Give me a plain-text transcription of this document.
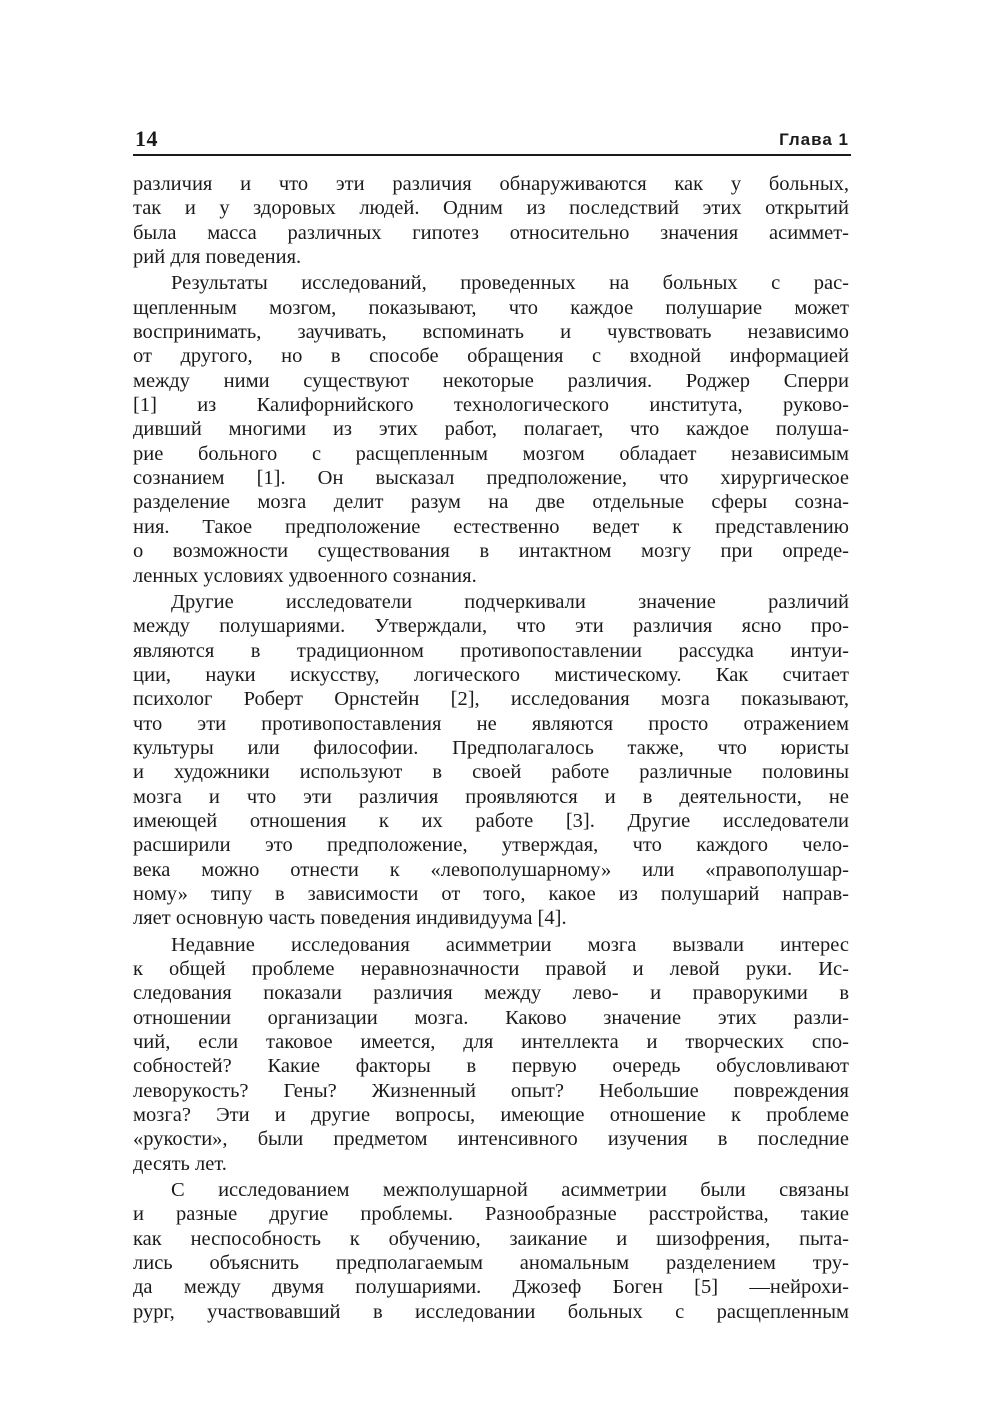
14	Глава 1
различия и что эти различия обнаруживаются как у больных,
так и у здоровых людей. Одним из последствий этих открытий
была масса различных гипотез относительно значения асиммет-
рий для поведения.
Результаты исследований, проведенных на больных с рас-
щепленным мозгом, показывают, что каждое полушарие может
воспринимать, заучивать, вспоминать и чувствовать независимо
от другого, но в способе обращения с входной информацией
между ними существуют некоторые различия. Роджер Сперри
[1] из Калифорнийского технологического института, руково-
дивший многими из этих работ, полагает, что каждое полуша-
рие больного с расщепленным мозгом обладает независимым
сознанием [1]. Он высказал предположение, что хирургическое
разделение мозга делит разум на две отдельные сферы созна-
ния. Такое предположение естественно ведет к представлению
о возможности существования в интактном мозгу при опреде-
ленных условиях удвоенного сознания.
Другие исследователи подчеркивали значение различий
между полушариями. Утверждали, что эти различия ясно про-
являются в традиционном противопоставлении рассудка интуи-
ции, науки искусству, логического мистическому. Как считает
психолог Роберт Орнстейн [2], исследования мозга показывают,
что эти противопоставления не являются просто отражением
культуры или философии. Предполагалось также, что юристы
и художники используют в своей работе различные половины
мозга и что эти различия проявляются и в деятельности, не
имеющей отношения к их работе [3]. Другие исследователи
расширили это предположение, утверждая, что каждого чело-
века можно отнести к «левополушарному» или «правополушар-
ному» типу в зависимости от того, какое из полушарий направ-
ляет основную часть поведения индивидуума [4].
Недавние исследования асимметрии мозга вызвали интерес
к общей проблеме неравнозначности правой и левой руки. Ис-
следования показали различия между лево- и праворукими в
отношении организации мозга. Каково значение этих разли-
чий, если таковое имеется, для интеллекта и творческих спо-
собностей? Какие факторы в первую очередь обусловливают
леворукость? Гены? Жизненный опыт? Небольшие повреждения
мозга? Эти и другие вопросы, имеющие отношение к проблеме
«рукости», были предметом интенсивного изучения в последние
десять лет.
С исследованием межполушарной асимметрии были связаны
и разные другие проблемы. Разнообразные расстройства, такие
как неспособность к обучению, заикание и шизофрения, пыта-
лись объяснить предполагаемым аномальным разделением тру-
да между двумя полушариями. Джозеф Боген [5] —нейрохи-
рург, участвовавший в исследовании больных с расщепленным
